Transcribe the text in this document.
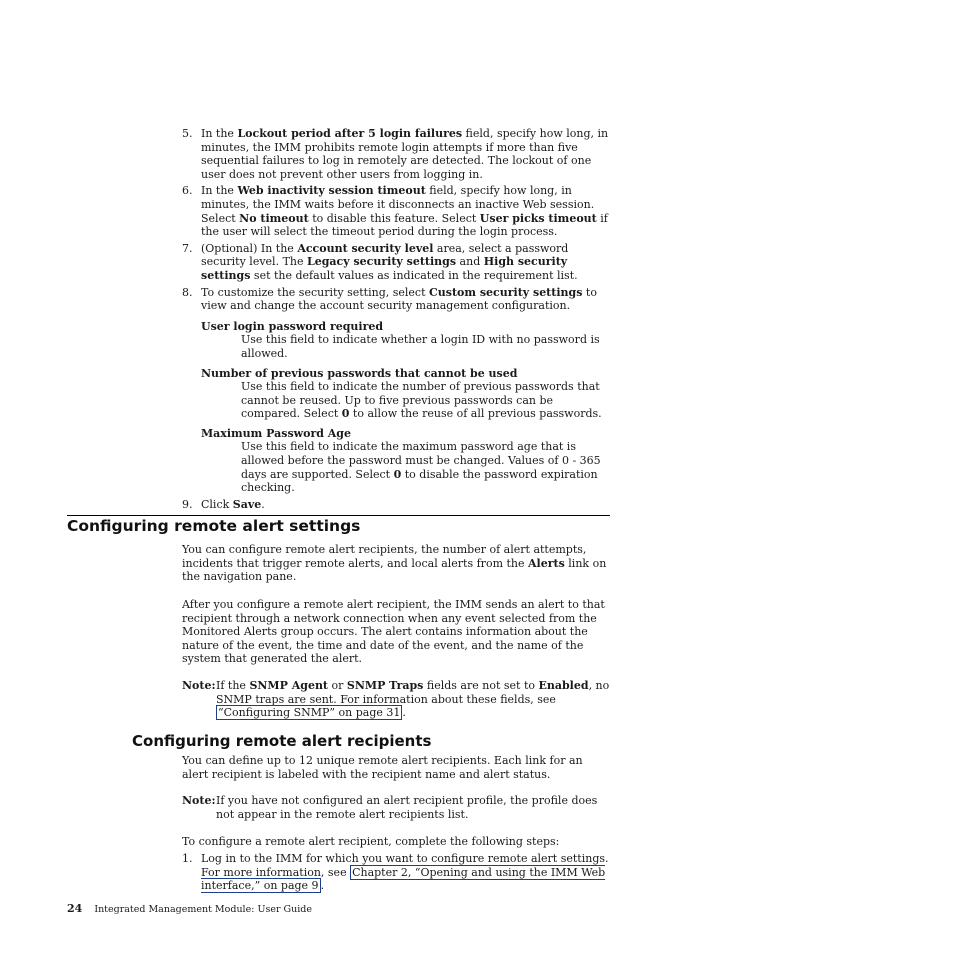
5. In the Lockout period after 5 login failures field, specify how long, in minutes, the IMM prohibits remote login attempts if more than five sequential failures to log in remotely are detected. The lockout of one user does not prevent other users from logging in.
6. In the Web inactivity session timeout field, specify how long, in minutes, the IMM waits before it disconnects an inactive Web session. Select No timeout to disable this feature. Select User picks timeout if the user will select the timeout period during the login process.
7. (Optional) In the Account security level area, select a password security level. The Legacy security settings and High security settings set the default values as indicated in the requirement list.
8. To customize the security setting, select Custom security settings to view and change the account security management configuration.
User login password required
Use this field to indicate whether a login ID with no password is allowed.
Number of previous passwords that cannot be used
Use this field to indicate the number of previous passwords that cannot be reused. Up to five previous passwords can be compared. Select 0 to allow the reuse of all previous passwords.
Maximum Password Age
Use this field to indicate the maximum password age that is allowed before the password must be changed. Values of 0 - 365 days are supported. Select 0 to disable the password expiration checking.
9. Click Save.
Configuring remote alert settings

You can configure remote alert recipients, the number of alert attempts, incidents that trigger remote alerts, and local alerts from the Alerts link on the navigation pane.

After you configure a remote alert recipient, the IMM sends an alert to that recipient through a network connection when any event selected from the Monitored Alerts group occurs. The alert contains information about the nature of the event, the time and date of the event, and the name of the system that generated the alert.

Note: If the SNMP Agent or SNMP Traps fields are not set to Enabled, no SNMP traps are sent. For information about these fields, see “Configuring SNMP” on page 31 .
Configuring remote alert recipients

You can define up to 12 unique remote alert recipients. Each link for an alert recipient is labeled with the recipient name and alert status.

Note: If you have not configured an alert recipient profile, the profile does not appear in the remote alert recipients list.

To configure a remote alert recipient, complete the following steps:

1. Log in to the IMM for which you want to configure remote alert settings. For more information, see Chapter 2, “Opening and using the IMM Web interface,” on page 9 .
24 Integrated Management Module: User Guide
